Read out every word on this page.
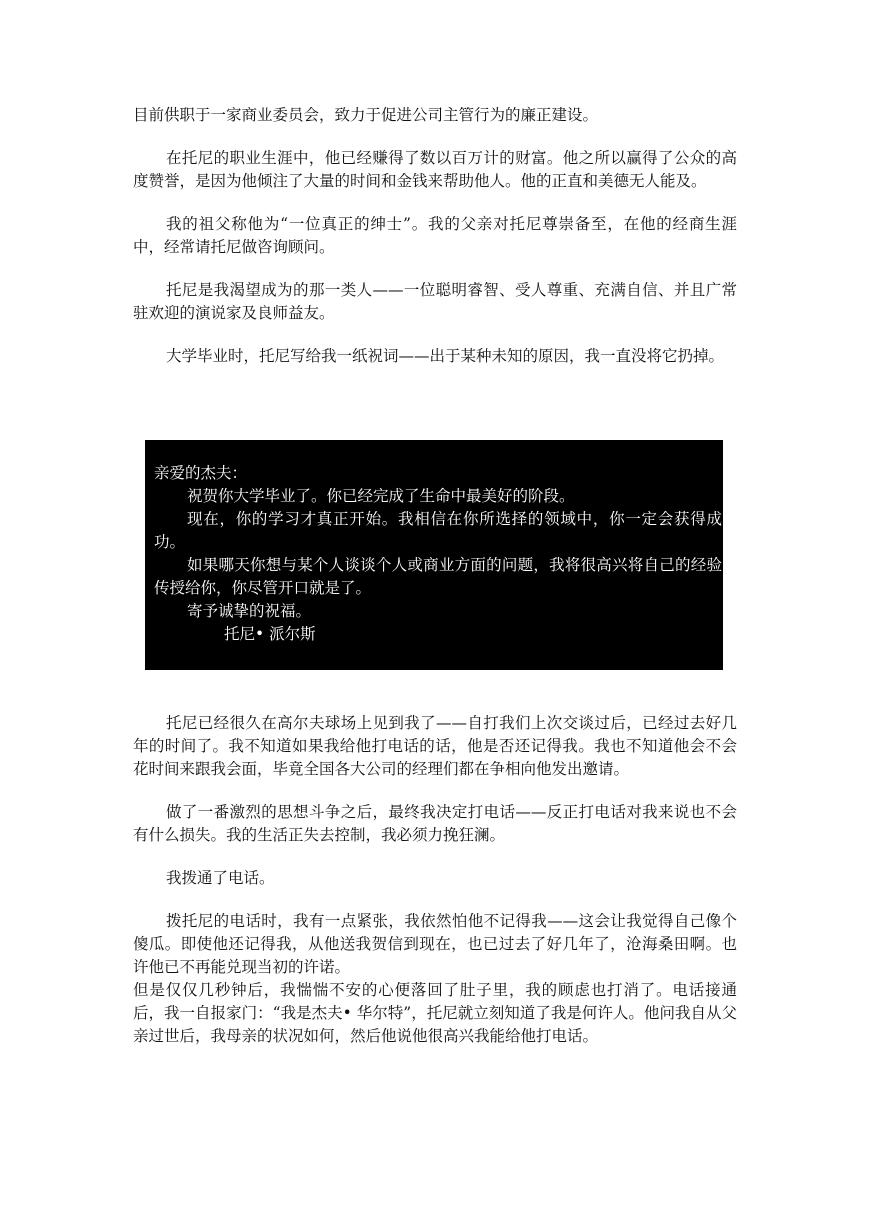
目前供职于一家商业委员会，致力于促进公司主管行为的廉正建设。

在托尼的职业生涯中，他已经赚得了数以百万计的财富。他之所以赢得了公众的高度赞誉，是因为他倾注了大量的时间和金钱来帮助他人。他的正直和美德无人能及。

我的祖父称他为“一位真正的绅士”。我的父亲对托尼尊崇备至，在他的经商生涯中，经常请托尼做咨询顾问。

托尼是我渴望成为的那一类人——一位聪明睿智、受人尊重、充满自信、并且广常驻欢迎的演说家及良师益友。

大学毕业时，托尼写给我一纸祝词——出于某种未知的原因，我一直没将它扔掉。

亲爱的杰夫：

祝贺你大学毕业了。你已经完成了生命中最美好的阶段。

现在，你的学习才真正开始。我相信在你所选择的领域中，你一定会获得成功。

如果哪天你想与某个人谈谈个人或商业方面的问题，我将很高兴将自己的经验传授给你，你尽管开口就是了。

寄予诚挚的祝福。

托尼• 派尔斯

托尼已经很久在高尔夫球场上见到我了——自打我们上次交谈过后，已经过去好几年的时间了。我不知道如果我给他打电话的话，他是否还记得我。我也不知道他会不会花时间来跟我会面，毕竟全国各大公司的经理们都在争相向他发出邀请。

做了一番激烈的思想斗争之后，最终我决定打电话——反正打电话对我来说也不会有什么损失。我的生活正失去控制，我必须力挽狂澜。

我拨通了电话。

拨托尼的电话时，我有一点紧张，我依然怕他不记得我——这会让我觉得自己像个傻瓜。即使他还记得我，从他送我贺信到现在，也已过去了好几年了，沧海桑田啊。也许他已不再能兑现当初的许诺。

但是仅仅几秒钟后，我惴惴不安的心便落回了肚子里，我的顾虑也打消了。电话接通后，我一自报家门：“我是杰夫• 华尔特”，托尼就立刻知道了我是何许人。他问我自从父亲过世后，我母亲的状况如何，然后他说他很高兴我能给他打电话。
